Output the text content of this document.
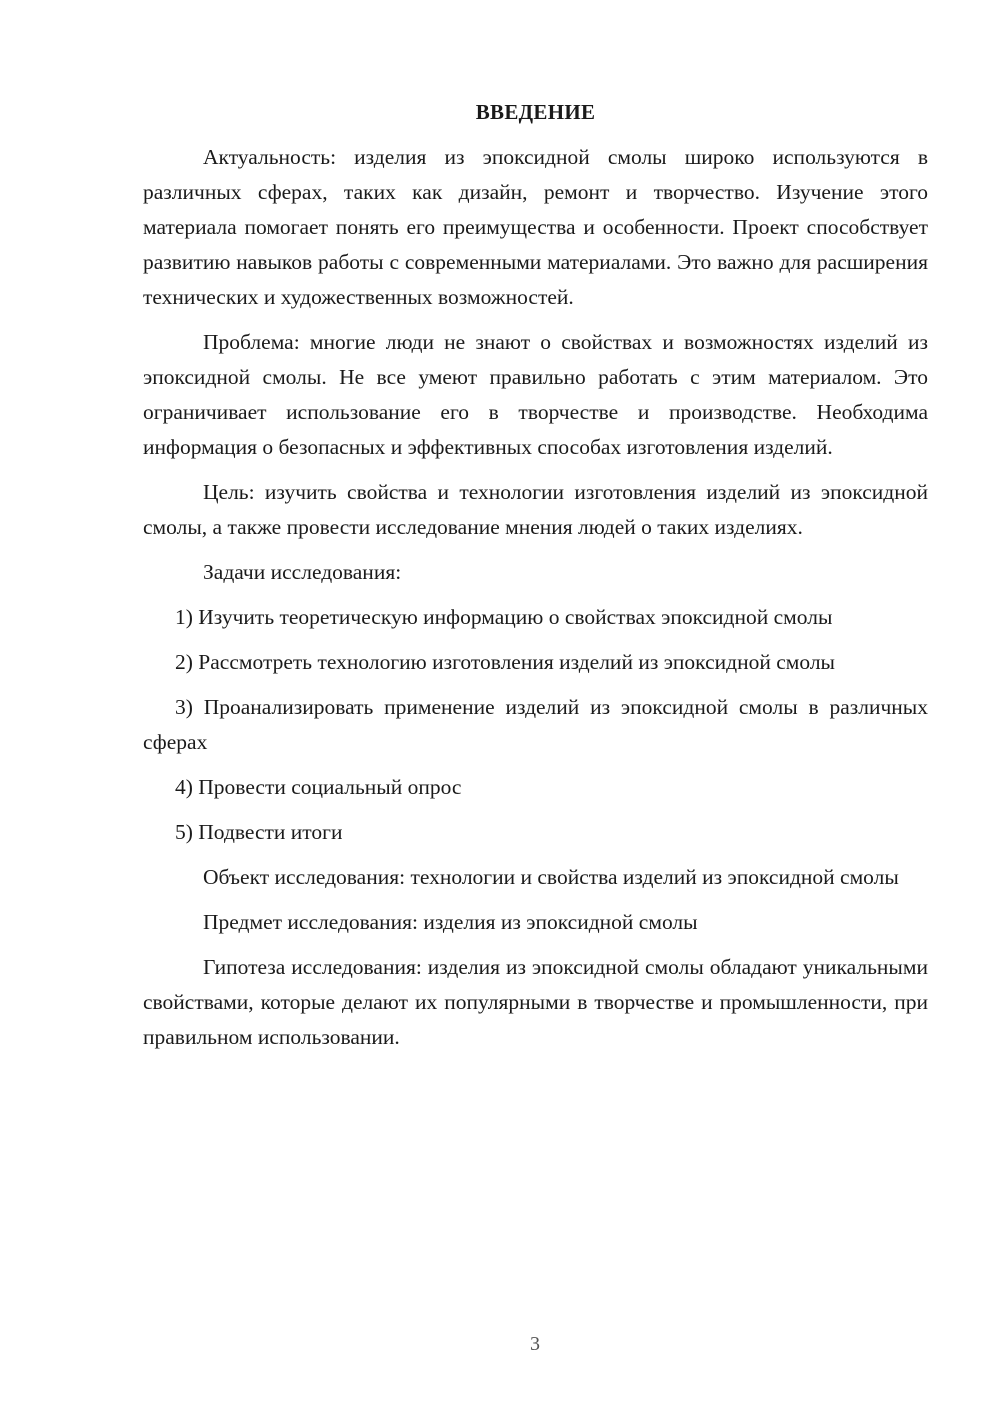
ВВЕДЕНИЕ

Актуальность: изделия из эпоксидной смолы широко используются в различных сферах, таких как дизайн, ремонт и творчество. Изучение этого материала помогает понять его преимущества и особенности. Проект способствует развитию навыков работы с современными материалами. Это важно для расширения технических и художественных возможностей.

Проблема: многие люди не знают о свойствах и возможностях изделий из эпоксидной смолы. Не все умеют правильно работать с этим материалом. Это ограничивает использование его в творчестве и производстве. Необходима информация о безопасных и эффективных способах изготовления изделий.

Цель: изучить свойства и технологии изготовления изделий из эпоксидной смолы, а также провести исследование мнения людей о таких изделиях.

Задачи исследования:

1) Изучить теоретическую информацию о свойствах эпоксидной смолы

2) Рассмотреть технологию изготовления изделий из эпоксидной смолы

3) Проанализировать применение изделий из эпоксидной смолы в различных сферах

4) Провести социальный опрос

5) Подвести итоги

Объект исследования: технологии и свойства изделий из эпоксидной смолы

Предмет исследования: изделия из эпоксидной смолы

Гипотеза исследования: изделия из эпоксидной смолы обладают уникальными свойствами, которые делают их популярными в творчестве и промышленности, при правильном использовании.

3
